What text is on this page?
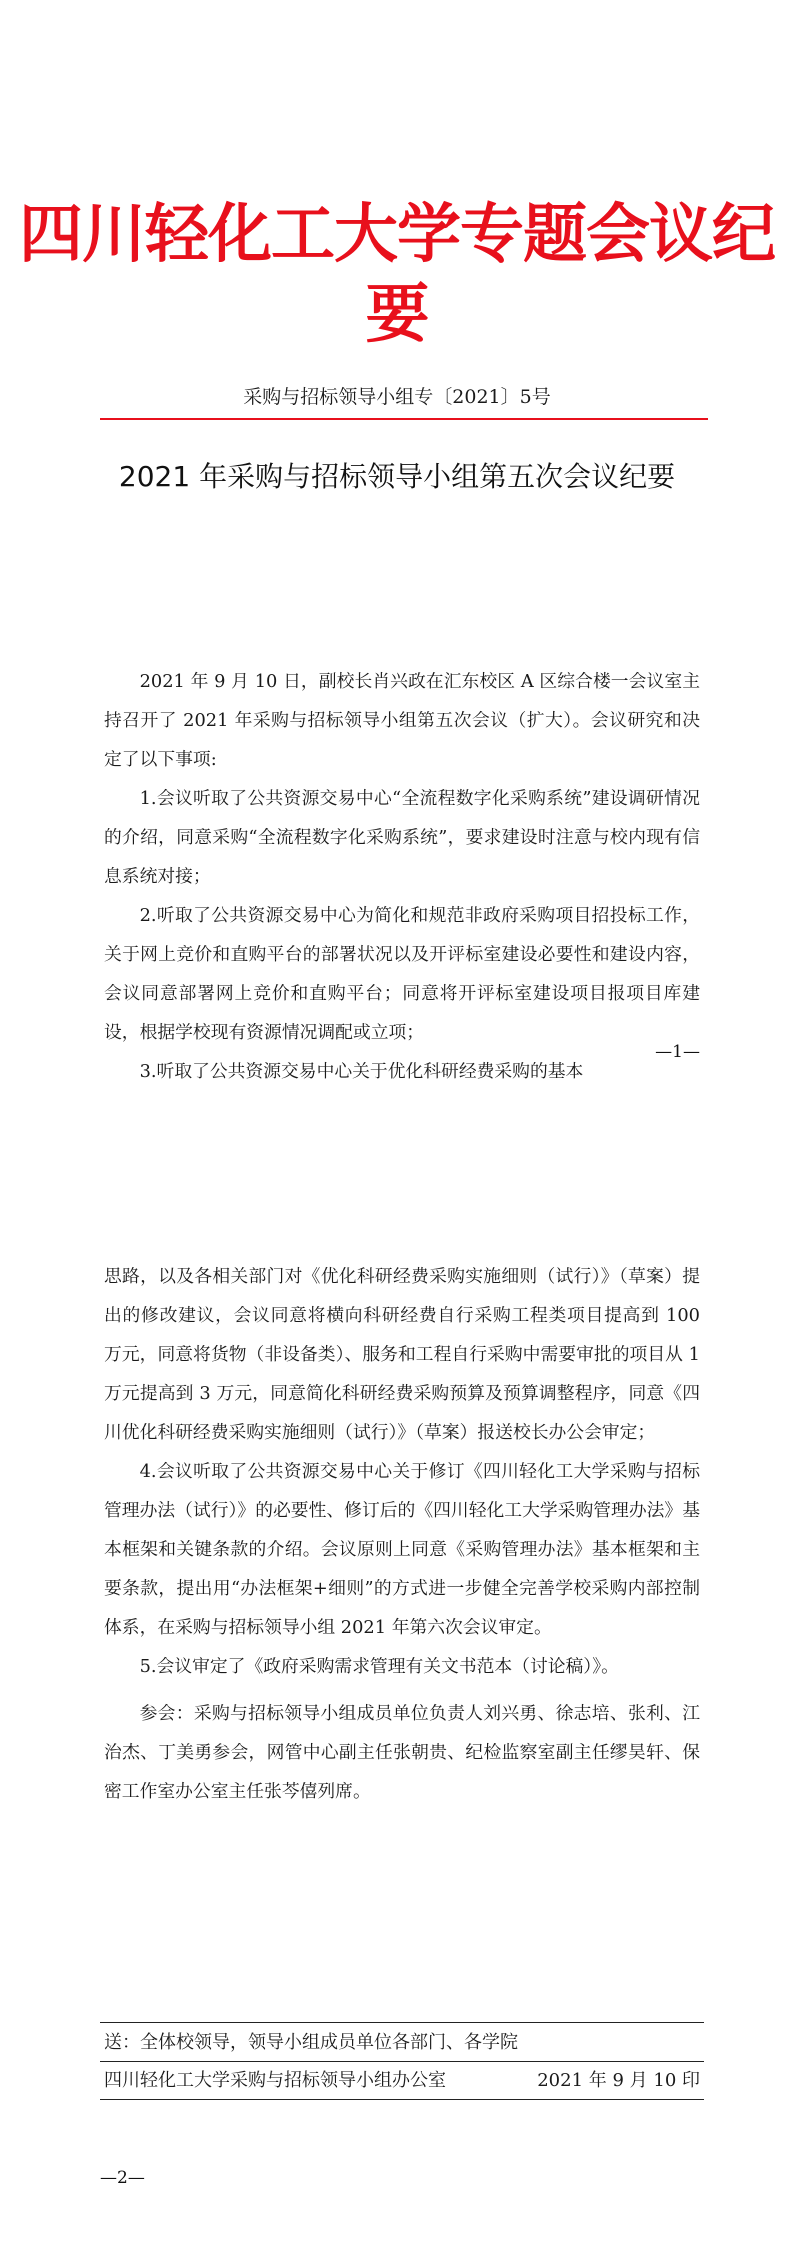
四川轻化工大学专题会议纪要
采购与招标领导小组专〔2021〕5号
2021 年采购与招标领导小组第五次会议纪要

2021 年 9 月 10 日，副校长肖兴政在汇东校区 A 区综合楼一会议室主持召开了 2021 年采购与招标领导小组第五次会议（扩大）。会议研究和决定了以下事项:

1.会议听取了公共资源交易中心“全流程数字化采购系统”建设调研情况的介绍，同意采购“全流程数字化采购系统”，要求建设时注意与校内现有信息系统对接；

2.听取了公共资源交易中心为简化和规范非政府采购项目招投标工作，关于网上竞价和直购平台的部署状况以及开评标室建设必要性和建设内容，会议同意部署网上竞价和直购平台；同意将开评标室建设项目报项目库建设，根据学校现有资源情况调配或立项；

3.听取了公共资源交易中心关于优化科研经费采购的基本

—1—

思路，以及各相关部门对《优化科研经费采购实施细则（试行）》（草案）提出的修改建议，会议同意将横向科研经费自行采购工程类项目提高到 100 万元，同意将货物（非设备类）、服务和工程自行采购中需要审批的项目从 1 万元提高到 3 万元，同意简化科研经费采购预算及预算调整程序，同意《四川优化科研经费采购实施细则（试行）》（草案）报送校长办公会审定；

4.会议听取了公共资源交易中心关于修订《四川轻化工大学采购与招标管理办法（试行）》的必要性、修订后的《四川轻化工大学采购管理办法》基本框架和关键条款的介绍。会议原则上同意《采购管理办法》基本框架和主要条款，提出用“办法框架+细则”的方式进一步健全完善学校采购内部控制体系，在采购与招标领导小组 2021 年第六次会议审定。

5.会议审定了《政府采购需求管理有关文书范本（讨论稿）》。

参会：采购与招标领导小组成员单位负责人刘兴勇、徐志培、张利、江治杰、丁美勇参会，网管中心副主任张朝贵、纪检监察室副主任缪昊轩、保密工作室办公室主任张芩僖列席。

送：全体校领导，领导小组成员单位各部门、各学院
四川轻化工大学采购与招标领导小组办公室	2021 年 9 月 10 印
—2—
